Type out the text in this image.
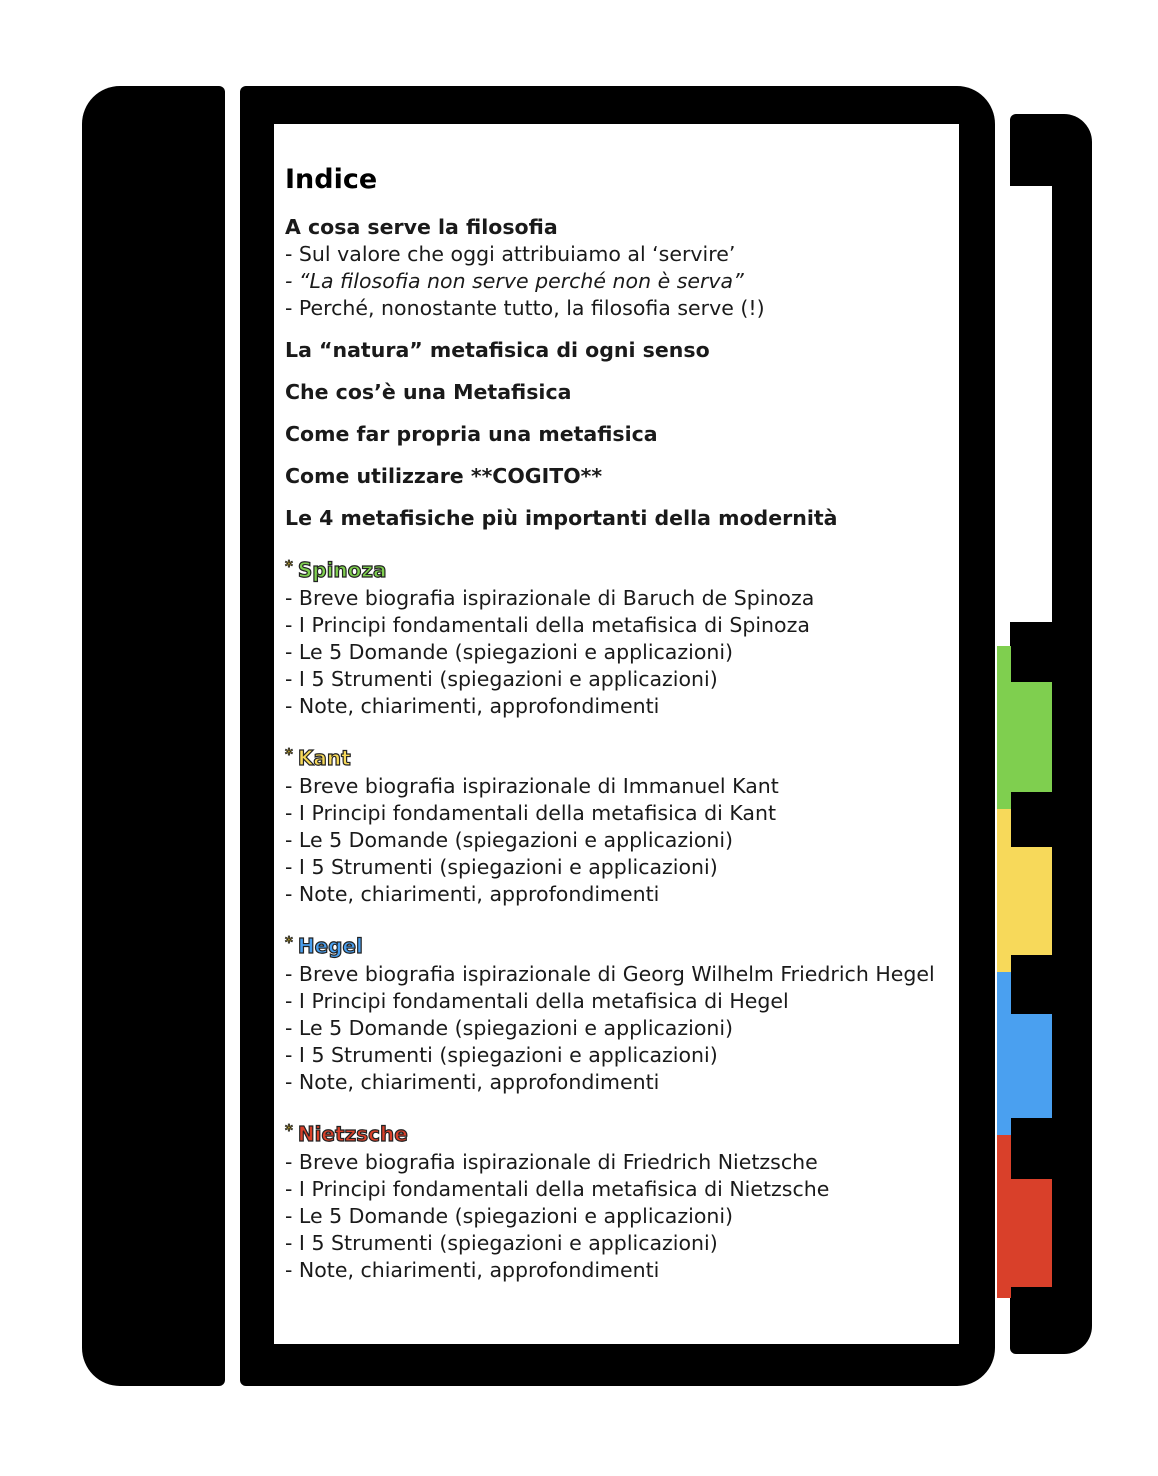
Indice

A cosa serve la filosofia

- Sul valore che oggi attribuiamo al ‘servire’

- “La filosofia non serve perché non è serva”

- Perché, nonostante tutto, la filosofia serve (!)

La “natura” metafisica di ogni senso

Che cos’è una Metafisica

Come far propria una metafisica

Come utilizzare **COGITO**

Le 4 metafisiche più importanti della modernità

* Spinoza

- Breve biografia ispirazionale di Baruch de Spinoza

- I Principi fondamentali della metafisica di Spinoza

- Le 5 Domande (spiegazioni e applicazioni)

- I 5 Strumenti (spiegazioni e applicazioni)

- Note, chiarimenti, approfondimenti

* Kant

- Breve biografia ispirazionale di Immanuel Kant

- I Principi fondamentali della metafisica di Kant

- Le 5 Domande (spiegazioni e applicazioni)

- I 5 Strumenti (spiegazioni e applicazioni)

- Note, chiarimenti, approfondimenti

* Hegel

- Breve biografia ispirazionale di Georg Wilhelm Friedrich Hegel

- I Principi fondamentali della metafisica di Hegel

- Le 5 Domande (spiegazioni e applicazioni)

- I 5 Strumenti (spiegazioni e applicazioni)

- Note, chiarimenti, approfondimenti

* Nietzsche

- Breve biografia ispirazionale di Friedrich Nietzsche

- I Principi fondamentali della metafisica di Nietzsche

- Le 5 Domande (spiegazioni e applicazioni)

- I 5 Strumenti (spiegazioni e applicazioni)

- Note, chiarimenti, approfondimenti
